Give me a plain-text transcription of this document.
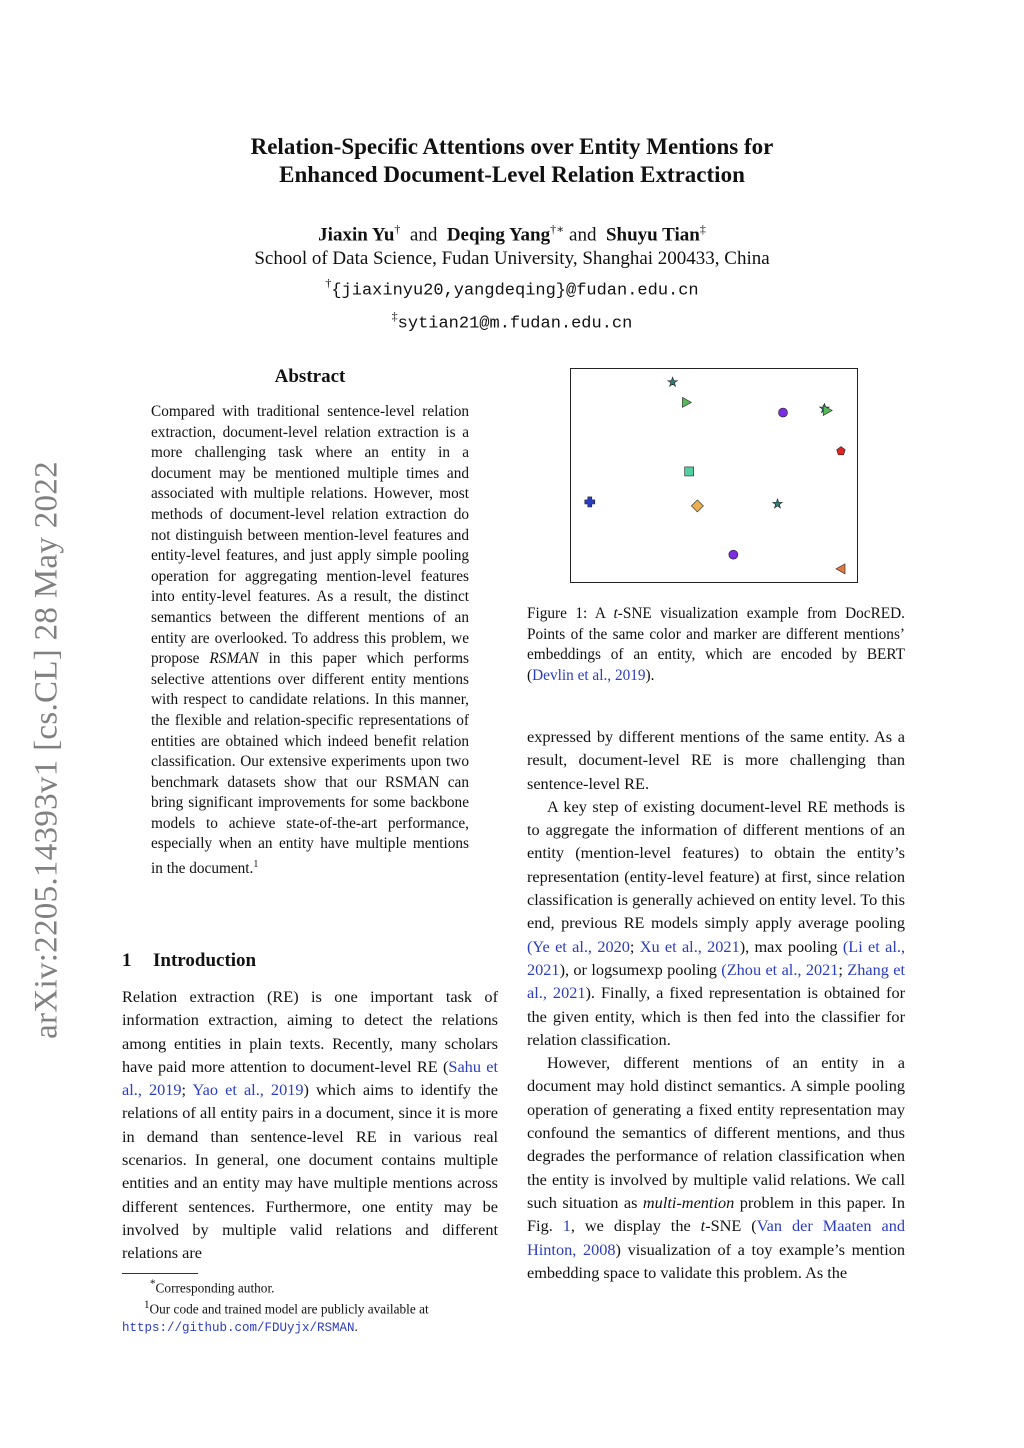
arXiv:2205.14393v1 [cs.CL] 28 May 2022
Relation-Specific Attentions over Entity Mentions for
Enhanced Document-Level Relation Extraction
Jiaxin Yu† and Deqing Yang†∗ and Shuyu Tian‡
School of Data Science, Fudan University, Shanghai 200433, China
†{jiaxinyu20,yangdeqing}@fudan.edu.cn
‡sytian21@m.fudan.edu.cn
Abstract
Compared with traditional sentence-level relation extraction, document-level relation extraction is a more challenging task where an entity in a document may be mentioned multiple times and associated with multiple relations. However, most methods of document-level relation extraction do not distinguish between mention-level features and entity-level features, and just apply simple pooling operation for aggregating mention-level features into entity-level features. As a result, the distinct semantics between the different mentions of an entity are overlooked. To address this problem, we propose RSMAN in this paper which performs selective attentions over different entity mentions with respect to candidate relations. In this manner, the flexible and relation-specific representations of entities are obtained which indeed benefit relation classification. Our extensive experiments upon two benchmark datasets show that our RSMAN can bring significant improvements for some backbone models to achieve state-of-the-art performance, especially when an entity have multiple mentions in the document.$^1$
1 Introduction
Relation extraction (RE) is one important task of information extraction, aiming to detect the relations among entities in plain texts. Recently, many scholars have paid more attention to document-level RE (Sahu et al., 2019; Yao et al., 2019) which aims to identify the relations of all entity pairs in a document, since it is more in demand than sentence-level RE in various real scenarios. In general, one document contains multiple entities and an entity may have multiple mentions across different sentences. Furthermore, one entity may be involved by multiple valid relations and different relations are
*Corresponding author.
$^1$Our code and trained model are publicly available at
https://github.com/FDUyjx/RSMAN.
Figure 1: A t-SNE visualization example from DocRED. Points of the same color and marker are different mentions’ embeddings of an entity, which are encoded by BERT (Devlin et al., 2019).

expressed by different mentions of the same entity. As a result, document-level RE is more challenging than sentence-level RE.

A key step of existing document-level RE methods is to aggregate the information of different mentions of an entity (mention-level features) to obtain the entity’s representation (entity-level feature) at first, since relation classification is generally achieved on entity level. To this end, previous RE models simply apply average pooling (Ye et al., 2020; Xu et al., 2021), max pooling (Li et al., 2021), or logsumexp pooling (Zhou et al., 2021; Zhang et al., 2021). Finally, a fixed representation is obtained for the given entity, which is then fed into the classifier for relation classification.

However, different mentions of an entity in a document may hold distinct semantics. A simple pooling operation of generating a fixed entity representation may confound the semantics of different mentions, and thus degrades the performance of relation classification when the entity is involved by multiple valid relations. We call such situation as multi-mention problem in this paper. In Fig. 1, we display the t-SNE (Van der Maaten and Hinton, 2008) visualization of a toy example’s mention embedding space to validate this problem. As the
